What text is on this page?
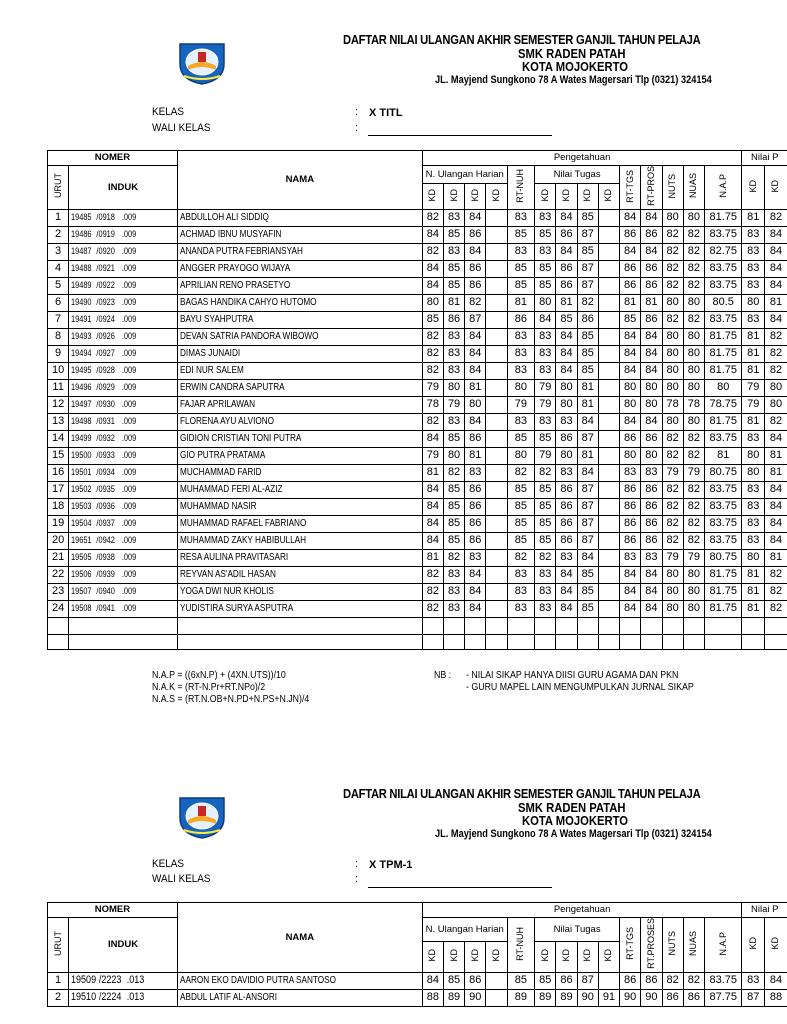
DAFTAR NILAI ULANGAN AKHIR SEMESTER GANJIL TAHUN PELAJA
SMK RADEN PATAH
KOTA MOJOKERTO
JL. Mayjend Sungkono 78 A Wates Magersari Tlp (0321) 324154
KELAS	: X TITL
WALI KELAS	:
NOMER		NAMA	Pengetahuan														Nilai P	
URUT	INDUK		N. Ulangan Harian				RT-NUH	Nilai Tugas				RT-TGS	RT-PROS	NUTS	NUAS	N.A.P	KD	KD
			KD	KD	KD	KD		KD	KD	KD	KD							
1	19485 /0918 .009	ABDULLOH ALI SIDDIQ	82	83	84		83	83	84	85		84	84	80	80	81.75	81	82
2	19486 /0919 .009	ACHMAD IBNU MUSYAFIN	84	85	86		85	85	86	87		86	86	82	82	83.75	83	84
3	19487 /0920 .009	ANANDA PUTRA FEBRIANSYAH	82	83	84		83	83	84	85		84	84	82	82	82.75	83	84
4	19488 /0921 .009	ANGGER PRAYOGO WIJAYA	84	85	86		85	85	86	87		86	86	82	82	83.75	83	84
5	19489 /0922 .009	APRILIAN RENO PRASETYO	84	85	86		85	85	86	87		86	86	82	82	83.75	83	84
6	19490 /0923 .009	BAGAS HANDIKA CAHYO HUTOMO	80	81	82		81	80	81	82		81	81	80	80	80.5	80	81
7	19491 /0924 .009	BAYU SYAHPUTRA	85	86	87		86	84	85	86		85	86	82	82	83.75	83	84
8	19493 /0926 .009	DEVAN SATRIA PANDORA WIBOWO	82	83	84		83	83	84	85		84	84	80	80	81.75	81	82
9	19494 /0927 .009	DIMAS JUNAIDI	82	83	84		83	83	84	85		84	84	80	80	81.75	81	82
10	19495 /0928 .009	EDI NUR SALEM	82	83	84		83	83	84	85		84	84	80	80	81.75	81	82
11	19496 /0929 .009	ERWIN CANDRA SAPUTRA	79	80	81		80	79	80	81		80	80	80	80	80	79	80
12	19497 /0930 .009	FAJAR APRILAWAN	78	79	80		79	79	80	81		80	80	78	78	78.75	79	80
13	19498 /0931 .009	FLORENA AYU ALVIONO	82	83	84		83	83	83	84		84	84	80	80	81.75	81	82
14	19499 /0932 .009	GIDION CRISTIAN TONI PUTRA	84	85	86		85	85	86	87		86	86	82	82	83.75	83	84
15	19500 /0933 .009	GIO PUTRA PRATAMA	79	80	81		80	79	80	81		80	80	82	82	81	80	81
16	19501 /0934 .009	MUCHAMMAD FARID	81	82	83		82	82	83	84		83	83	79	79	80.75	80	81
17	19502 /0935 .009	MUHAMMAD FERI AL-AZIZ	84	85	86		85	85	86	87		86	86	82	82	83.75	83	84
18	19503 /0936 .009	MUHAMMAD NASIR	84	85	86		85	85	86	87		86	86	82	82	83.75	83	84
19	19504 /0937 .009	MUHAMMAD RAFAEL FABRIANO	84	85	86		85	85	86	87		86	86	82	82	83.75	83	84
20	19651 /0942 .009	MUHAMMAD ZAKY HABIBULLAH	84	85	86		85	85	86	87		86	86	82	82	83.75	83	84
21	19505 /0938 .009	RESA AULINA PRAVITASARI	81	82	83		82	82	83	84		83	83	79	79	80.75	80	81
22	19506 /0939 .009	REYVAN AS'ADIL HASAN	82	83	84		83	83	84	85		84	84	80	80	81.75	81	82
23	19507 /0940 .009	YOGA DWI NUR KHOLIS	82	83	84		83	83	84	85		84	84	80	80	81.75	81	82
24	19508 /0941 .009	YUDISTIRA SURYA ASPUTRA	82	83	84		83	83	84	85		84	84	80	80	81.75	81	82

N.A.P = ((6xN.P) + (4XN.UTS))/10
N.A.K = (RT-N.Pr+RT.NPo)/2
N.A.S = (RT.N.OB+N.PD+N.PS+N.JN)/4
NB : - NILAI SIKAP HANYA DIISI GURU AGAMA DAN PKN
- GURU MAPEL LAIN MENGUMPULKAN JURNAL SIKAP
DAFTAR NILAI ULANGAN AKHIR SEMESTER GANJIL TAHUN PELAJA
SMK RADEN PATAH
KOTA MOJOKERTO
JL. Mayjend Sungkono 78 A Wates Magersari Tlp (0321) 324154
KELAS	: X TPM-1
WALI KELAS	:
NOMER		NAMA	Pengetahuan														Nilai P	
URUT	INDUK		N. Ulangan Harian				RT-NUH	Nilai Tugas				RT-TGS	RT.PROSES	NUTS	NUAS	N.A.P	KD	KD
			KD	KD	KD	KD		KD	KD	KD	KD							
1	19509 /2223 .013	AARON EKO DAVIDIO PUTRA SANTOSO	84	85	86		85	85	86	87		86	86	82	82	83.75	83	84
2	19510 /2224 .013	ABDUL LATIF AL-ANSORI	88	89	90		89	89	89	90	91	90	90	86	86	87.75	87	88
